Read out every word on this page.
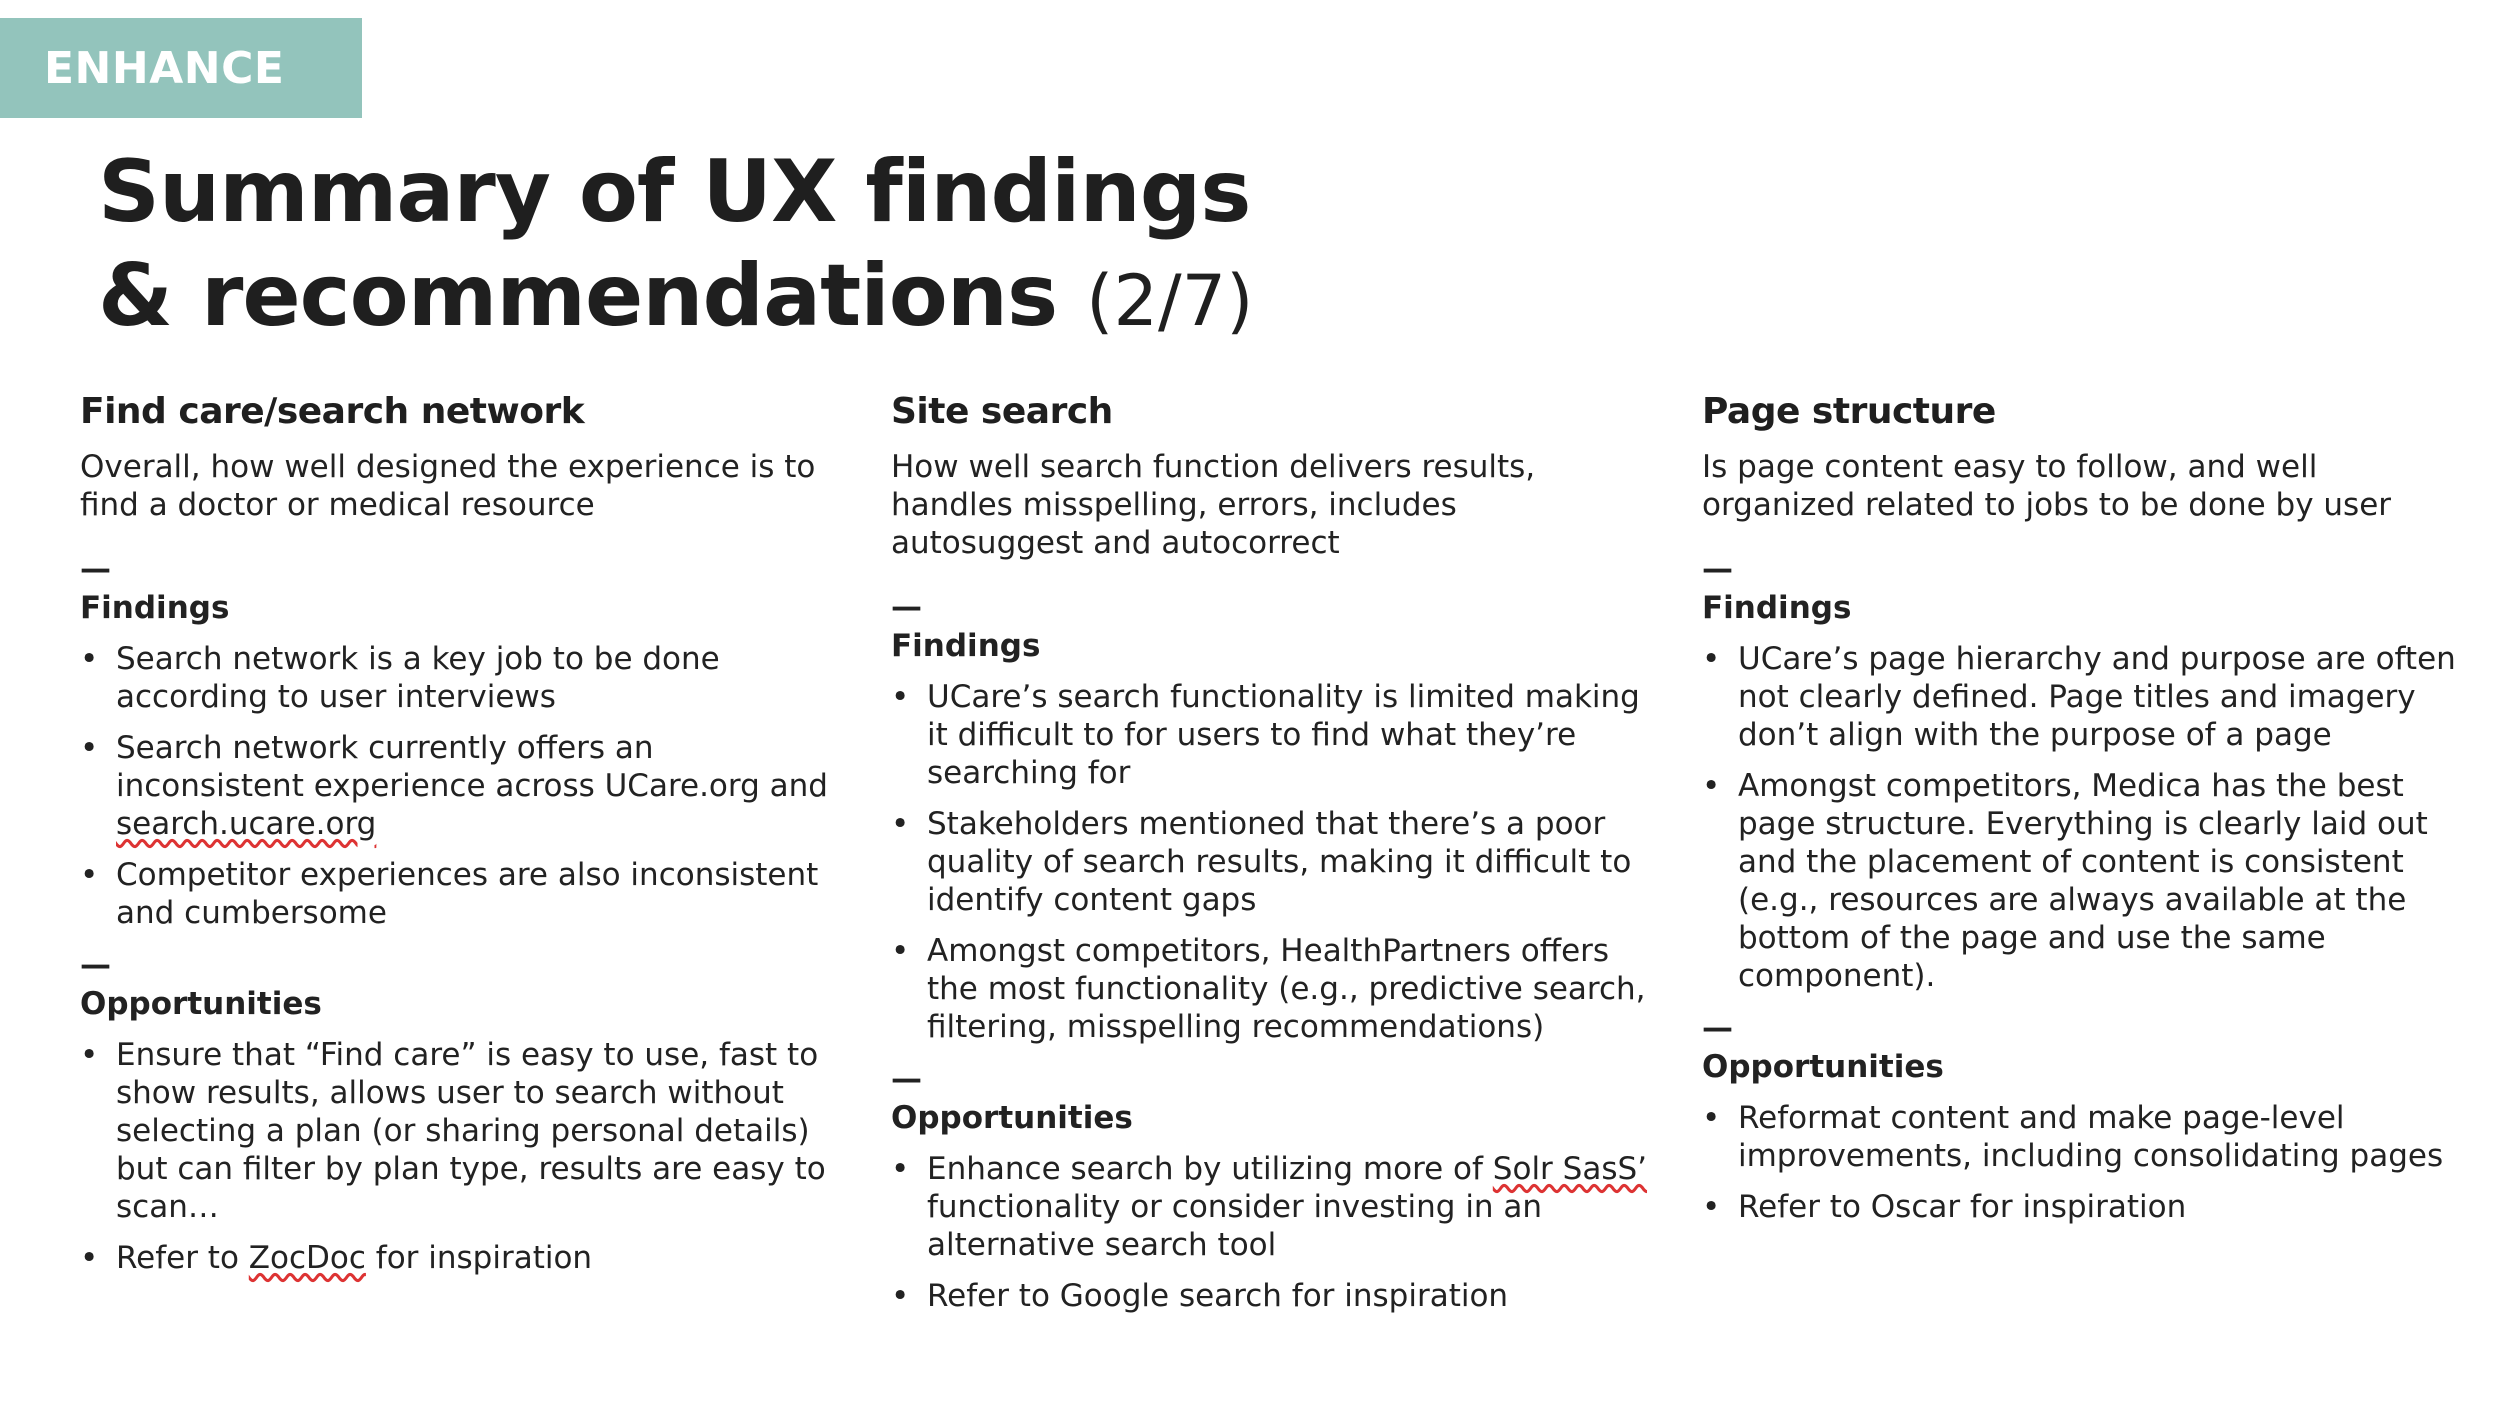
ENHANCE
Summary of UX findings
& recommendations (2/7)
Find care/search network

Overall, how well designed the experience is to find a doctor or medical resource

—
Findings
• Search network is a key job to be done according to user interviews
• Search network currently offers an inconsistent experience across UCare.org and search.ucare.org
• Competitor experiences are also inconsistent and cumbersome
—
Opportunities
• Ensure that “Find care” is easy to use, fast to show results, allows user to search without selecting a plan (or sharing personal details) but can filter by plan type, results are easy to scan…
• Refer to ZocDoc for inspiration
Site search

How well search function delivers results, handles misspelling, errors, includes autosuggest and autocorrect

—
Findings
• UCare’s search functionality is limited making it difficult to for users to find what they’re searching for
• Stakeholders mentioned that there’s a poor quality of search results, making it difficult to identify content gaps
• Amongst competitors, HealthPartners offers the most functionality (e.g., predictive search, filtering, misspelling recommendations)
—
Opportunities
• Enhance search by utilizing more of Solr SasS’ functionality or consider investing in an alternative search tool
• Refer to Google search for inspiration
Page structure

Is page content easy to follow, and well organized related to jobs to be done by user

—
Findings
• UCare’s page hierarchy and purpose are often not clearly defined. Page titles and imagery don’t align with the purpose of a page
• Amongst competitors, Medica has the best page structure. Everything is clearly laid out and the placement of content is consistent (e.g., resources are always available at the bottom of the page and use the same component).
—
Opportunities
• Reformat content and make page-level improvements, including consolidating pages
• Refer to Oscar for inspiration
